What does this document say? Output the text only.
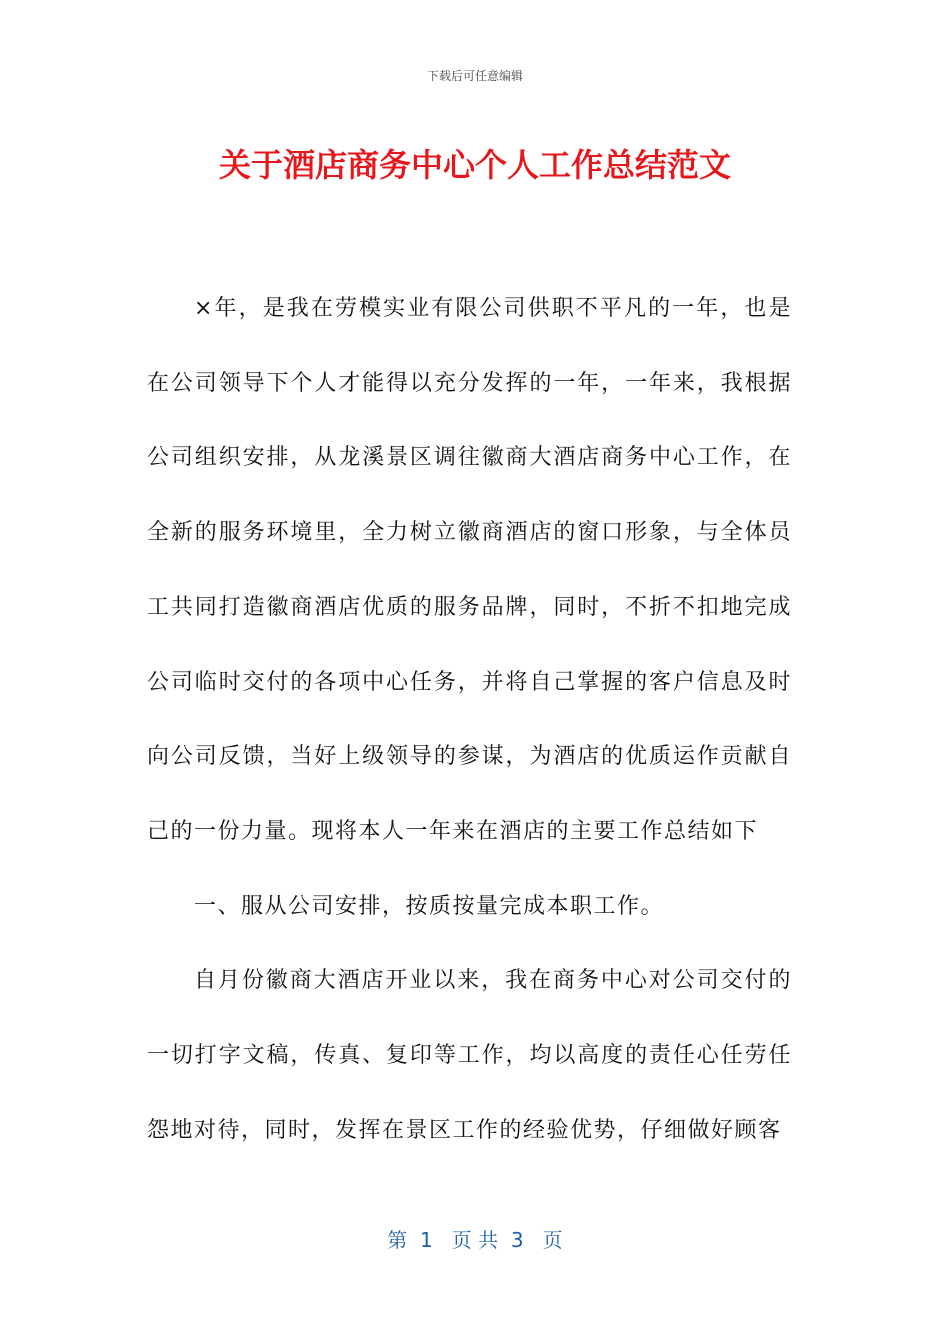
下载后可任意编辑
关于酒店商务中心个人工作总结范文

×年，是我在劳模实业有限公司供职不平凡的一年，也是在公司领导下个人才能得以充分发挥的一年，一年来，我根据公司组织安排，从龙溪景区调往徽商大酒店商务中心工作，在全新的服务环境里，全力树立徽商酒店的窗口形象，与全体员工共同打造徽商酒店优质的服务品牌，同时，不折不扣地完成公司临时交付的各项中心任务，并将自己掌握的客户信息及时向公司反馈，当好上级领导的参谋，为酒店的优质运作贡献自己的一份力量。现将本人一年来在酒店的主要工作总结如下

一、服从公司安排，按质按量完成本职工作。

自月份徽商大酒店开业以来，我在商务中心对公司交付的一切打字文稿，传真、复印等工作，均以高度的责任心任劳任怨地对待，同时，发挥在景区工作的经验优势，仔细做好顾客

第  1   页 共  3   页
